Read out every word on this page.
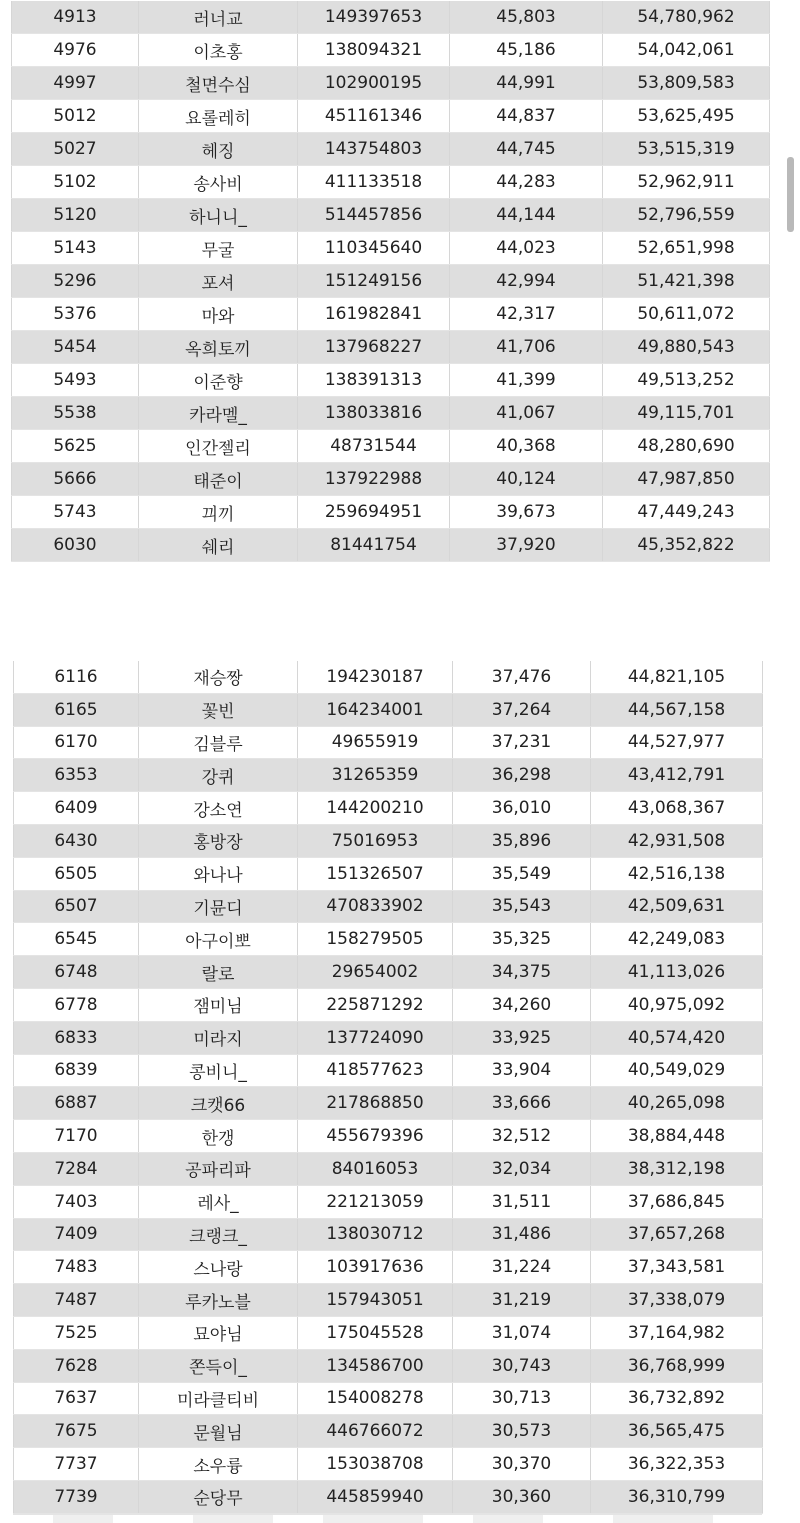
4913	러너교	149397653	45,803	54,780,962
4976	이초홍	138094321	45,186	54,042,061
4997	철면수심	102900195	44,991	53,809,583
5012	요롤레히	451161346	44,837	53,625,495
5027	헤징	143754803	44,745	53,515,319
5102	송사비	411133518	44,283	52,962,911
5120	하니니_	514457856	44,144	52,796,559
5143	무굴	110345640	44,023	52,651,998
5296	포셔	151249156	42,994	51,421,398
5376	마와	161982841	42,317	50,611,072
5454	옥희토끼	137968227	41,706	49,880,543
5493	이준향	138391313	41,399	49,513,252
5538	카라멜_	138033816	41,067	49,115,701
5625	인간젤리	48731544	40,368	48,280,690
5666	태준이	137922988	40,124	47,987,850
5743	끠끼	259694951	39,673	47,449,243
6030	쉐리	81441754	37,920	45,352,822
6116	재승짱	194230187	37,476	44,821,105
6165	꽃빈	164234001	37,264	44,567,158
6170	김블루	49655919	37,231	44,527,977
6353	강퀴	31265359	36,298	43,412,791
6409	강소연	144200210	36,010	43,068,367
6430	홍방장	75016953	35,896	42,931,508
6505	와나나	151326507	35,549	42,516,138
6507	기뮨디	470833902	35,543	42,509,631
6545	아구이뽀	158279505	35,325	42,249,083
6748	랄로	29654002	34,375	41,113,026
6778	잼미님	225871292	34,260	40,975,092
6833	미라지	137724090	33,925	40,574,420
6839	콩비니_	418577623	33,904	40,549,029
6887	크캣66	217868850	33,666	40,265,098
7170	한갱	455679396	32,512	38,884,448
7284	공파리파	84016053	32,034	38,312,198
7403	레사_	221213059	31,511	37,686,845
7409	크랭크_	138030712	31,486	37,657,268
7483	스나랑	103917636	31,224	37,343,581
7487	루카노블	157943051	31,219	37,338,079
7525	묘야님	175045528	31,074	37,164,982
7628	쫀득이_	134586700	30,743	36,768,999
7637	미라클티비	154008278	30,713	36,732,892
7675	문월님	446766072	30,573	36,565,475
7737	소우륭	153038708	30,370	36,322,353
7739	순당무	445859940	30,360	36,310,799
